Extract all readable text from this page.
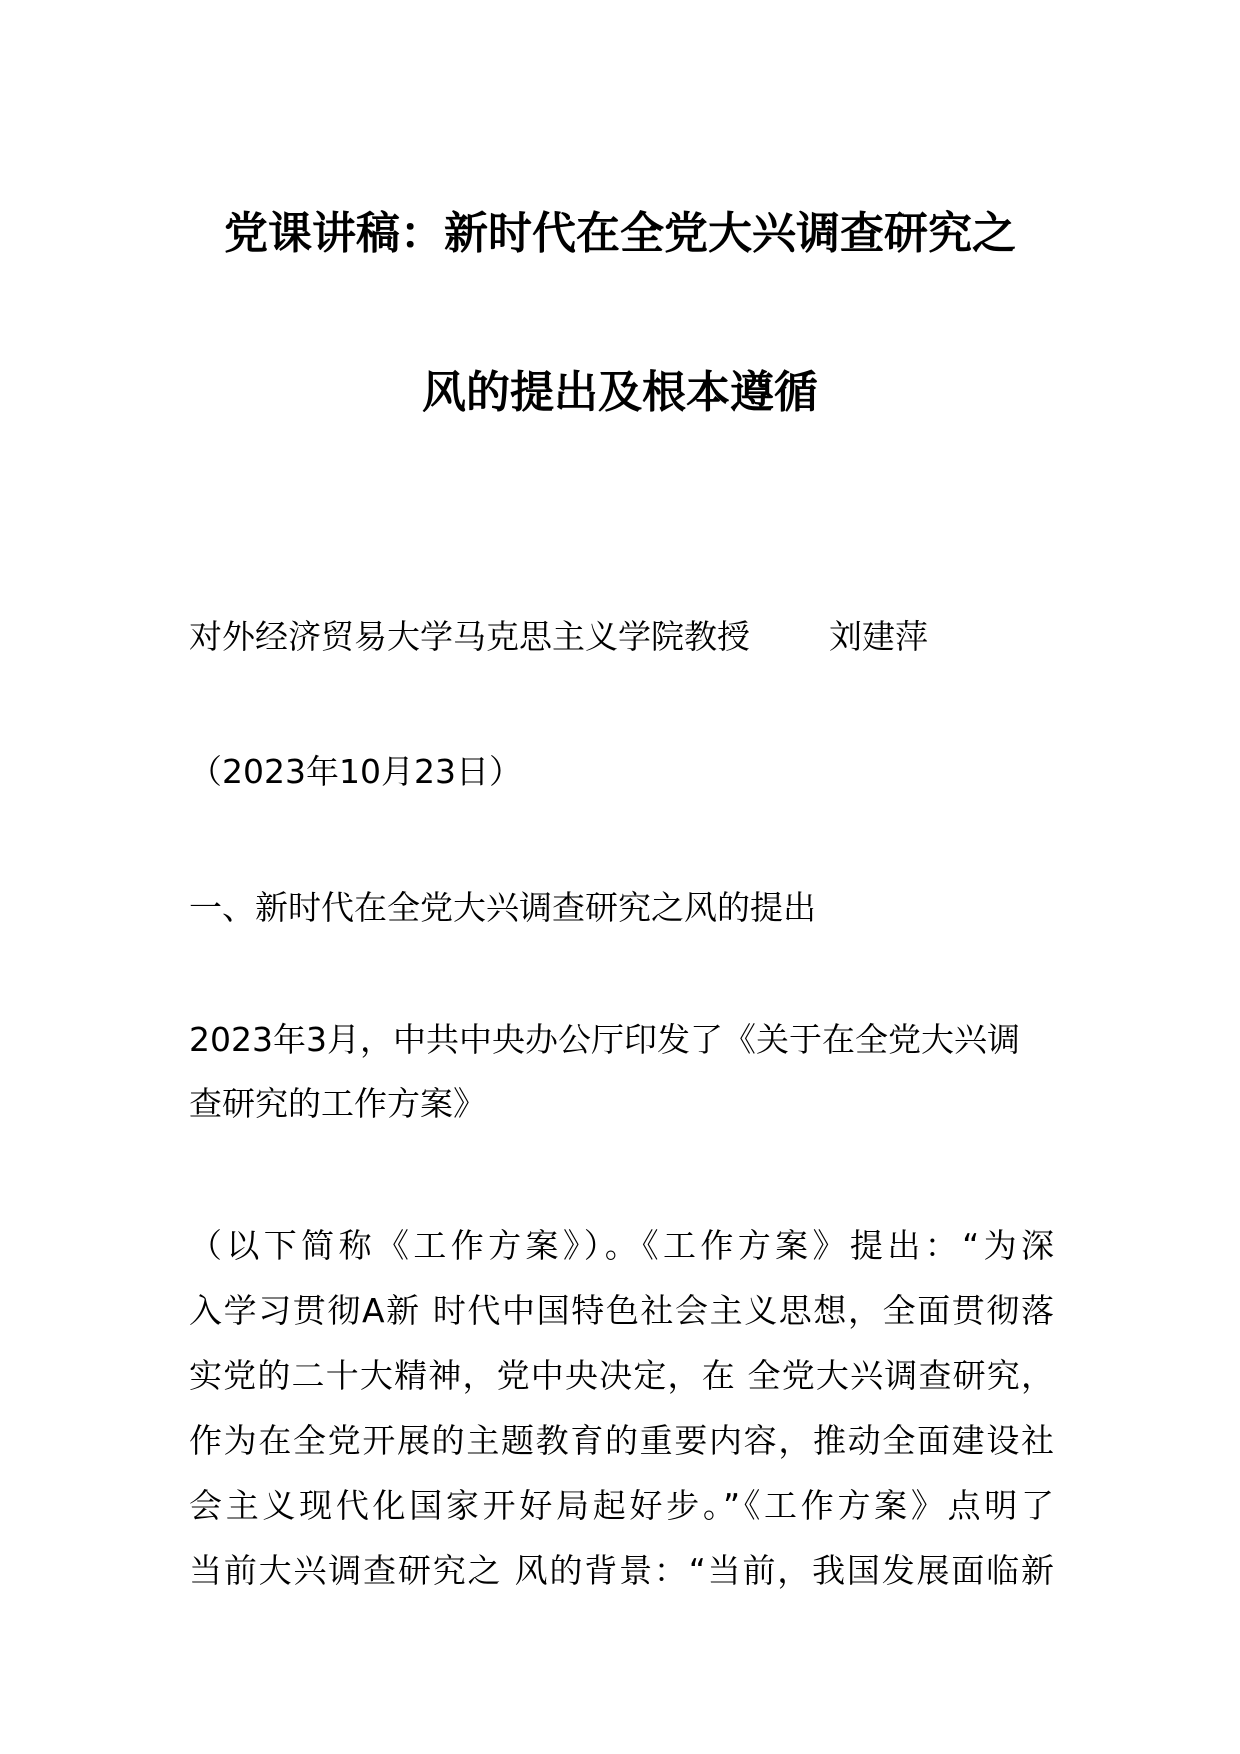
党课讲稿：新时代在全党大兴调查研究之
风的提出及根本遵循
对外经济贸易大学马克思主义学院教授 刘建萍
（2023年10月23日）
一、新时代在全党大兴调查研究之风的提出
2023年3月，中共中央办公厅印发了《关于在全党大兴调
查研究的工作方案》
（以下简称《工作方案》）。《工作方案》提出：“为深
入学习贯彻A新 时代中国特色社会主义思想，全面贯彻落
实党的二十大精神，党中央决定，在 全党大兴调查研究，
作为在全党开展的主题教育的重要内容，推动全面建设社
会主义现代化国家开好局起好步。”《工作方案》点明了
当前大兴调查研究之 风的背景：“当前，我国发展面临新
